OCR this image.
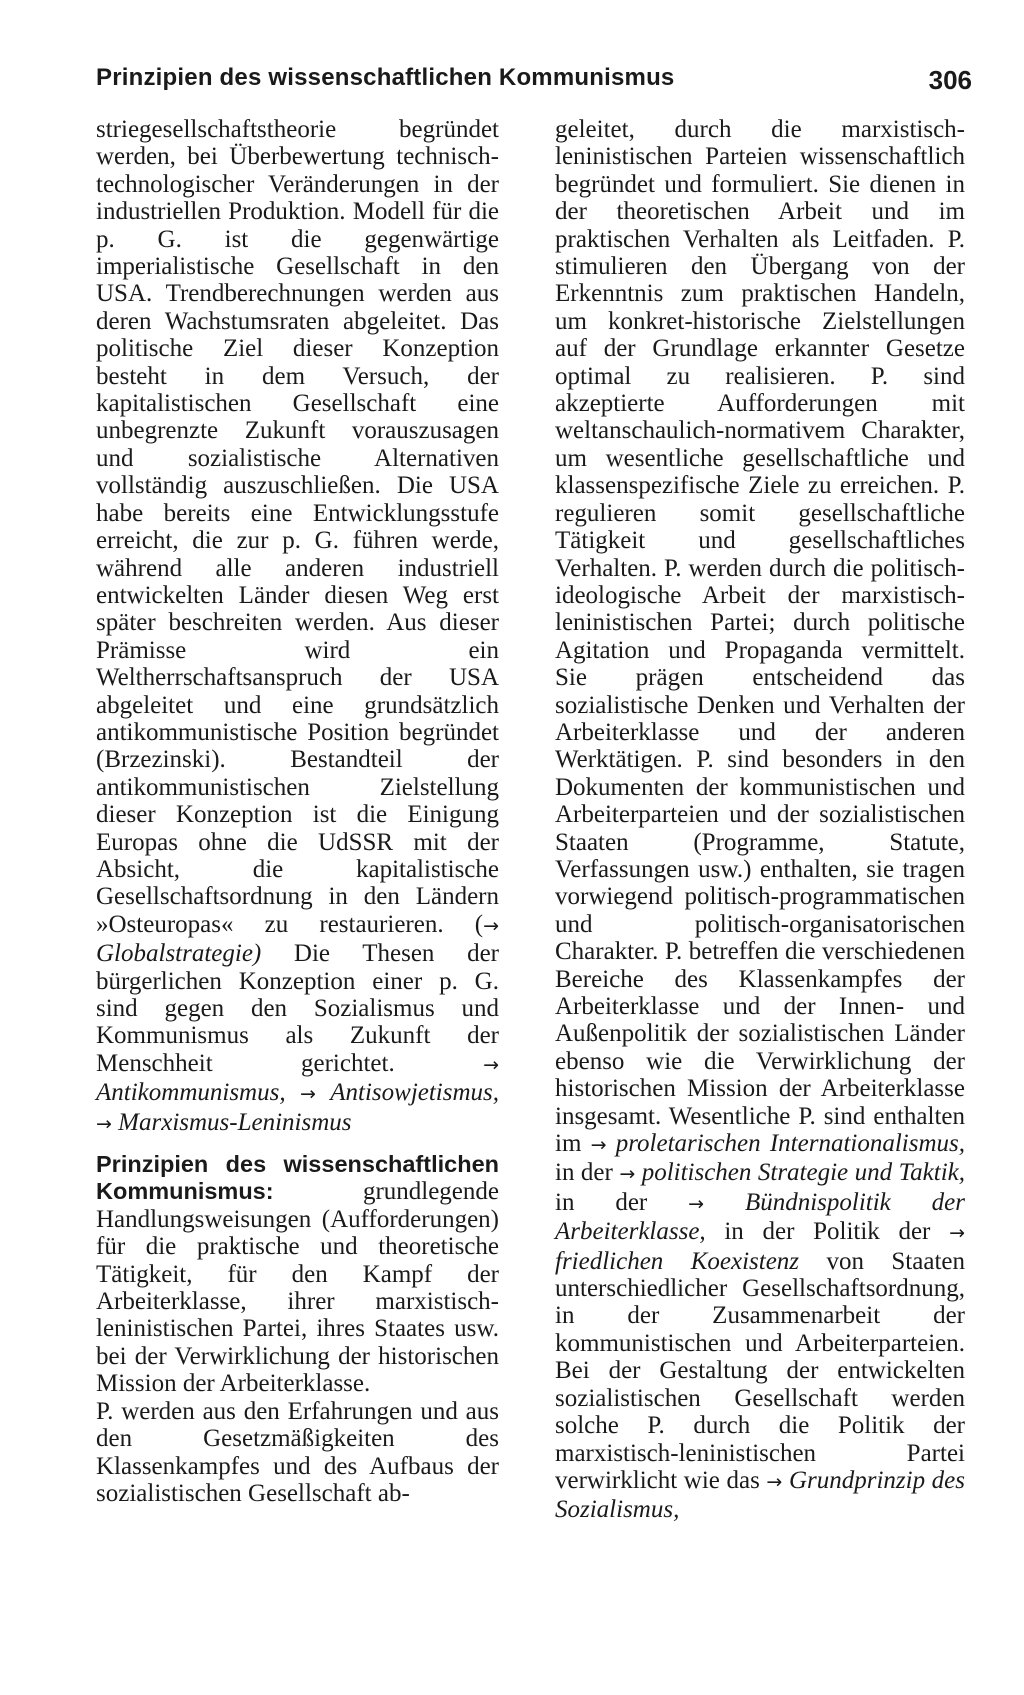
Prinzipien des wissenschaftlichen Kommunismus	306

striegesellschaftstheorie begründet werden, bei Überbewertung technisch-technologischer Veränderungen in der industriellen Produktion. Modell für die p. G. ist die gegenwärtige imperialistische Gesellschaft in den USA. Trendberechnungen werden aus deren Wachstumsraten abgeleitet. Das politische Ziel dieser Konzeption besteht in dem Versuch, der kapitalistischen Gesellschaft eine unbegrenzte Zukunft vorauszusagen und sozialistische Alternativen vollständig auszuschließen. Die USA habe bereits eine Entwicklungsstufe erreicht, die zur p. G. führen werde, während alle anderen industriell entwickelten Länder diesen Weg erst später beschreiten werden. Aus dieser Prämisse wird ein Weltherrschaftsanspruch der USA abgeleitet und eine grundsätzlich antikommunistische Position begründet (Brzezinski). Bestandteil der antikommunistischen Zielstellung dieser Konzeption ist die Einigung Europas ohne die UdSSR mit der Absicht, die kapitalistische Gesellschaftsordnung in den Ländern »Osteuropas« zu restaurieren. (→ Globalstrategie) Die Thesen der bürgerlichen Konzeption einer p. G. sind gegen den Sozialismus und Kommunismus als Zukunft der Menschheit gerichtet. → Antikommunismus, → Antisowjetismus, → Marxismus-Leninismus

Prinzipien des wissenschaftlichen Kommunismus: grundlegende Handlungsweisungen (Aufforderungen) für die praktische und theoretische Tätigkeit, für den Kampf der Arbeiterklasse, ihrer marxistisch-leninistischen Partei, ihres Staates usw. bei der Verwirklichung der historischen Mission der Arbeiterklasse.

P. werden aus den Erfahrungen und aus den Gesetzmäßigkeiten des Klassenkampfes und des Aufbaus der sozialistischen Gesellschaft ab-

geleitet, durch die marxistisch-leninistischen Parteien wissenschaftlich begründet und formuliert. Sie dienen in der theoretischen Arbeit und im praktischen Verhalten als Leitfaden. P. stimulieren den Übergang von der Erkenntnis zum praktischen Handeln, um konkret-historische Zielstellungen auf der Grundlage erkannter Gesetze optimal zu realisieren. P. sind akzeptierte Aufforderungen mit weltanschaulich-normativem Charakter, um wesentliche gesellschaftliche und klassenspezifische Ziele zu erreichen. P. regulieren somit gesellschaftliche Tätigkeit und gesellschaftliches Verhalten. P. werden durch die politisch-ideologische Arbeit der marxistisch-leninistischen Partei; durch politische Agitation und Propaganda vermittelt. Sie prägen entscheidend das sozialistische Denken und Verhalten der Arbeiterklasse und der anderen Werktätigen. P. sind besonders in den Dokumenten der kommunistischen und Arbeiterparteien und der sozialistischen Staaten (Programme, Statute, Verfassungen usw.) enthalten, sie tragen vorwiegend politisch-programmatischen und politisch-organisatorischen Charakter. P. betreffen die verschiedenen Bereiche des Klassenkampfes der Arbeiterklasse und der Innen- und Außenpolitik der sozialistischen Länder ebenso wie die Verwirklichung der historischen Mission der Arbeiterklasse insgesamt. Wesentliche P. sind enthalten im → proletarischen Internationalismus, in der → politischen Strategie und Taktik, in der → Bündnispolitik der Arbeiterklasse, in der Politik der → friedlichen Koexistenz von Staaten unterschiedlicher Gesellschaftsordnung, in der Zusammenarbeit der kommunistischen und Arbeiterparteien. Bei der Gestaltung der entwickelten sozialistischen Gesellschaft werden solche P. durch die Politik der marxistisch-leninistischen Partei verwirklicht wie das → Grundprinzip des Sozialismus,
